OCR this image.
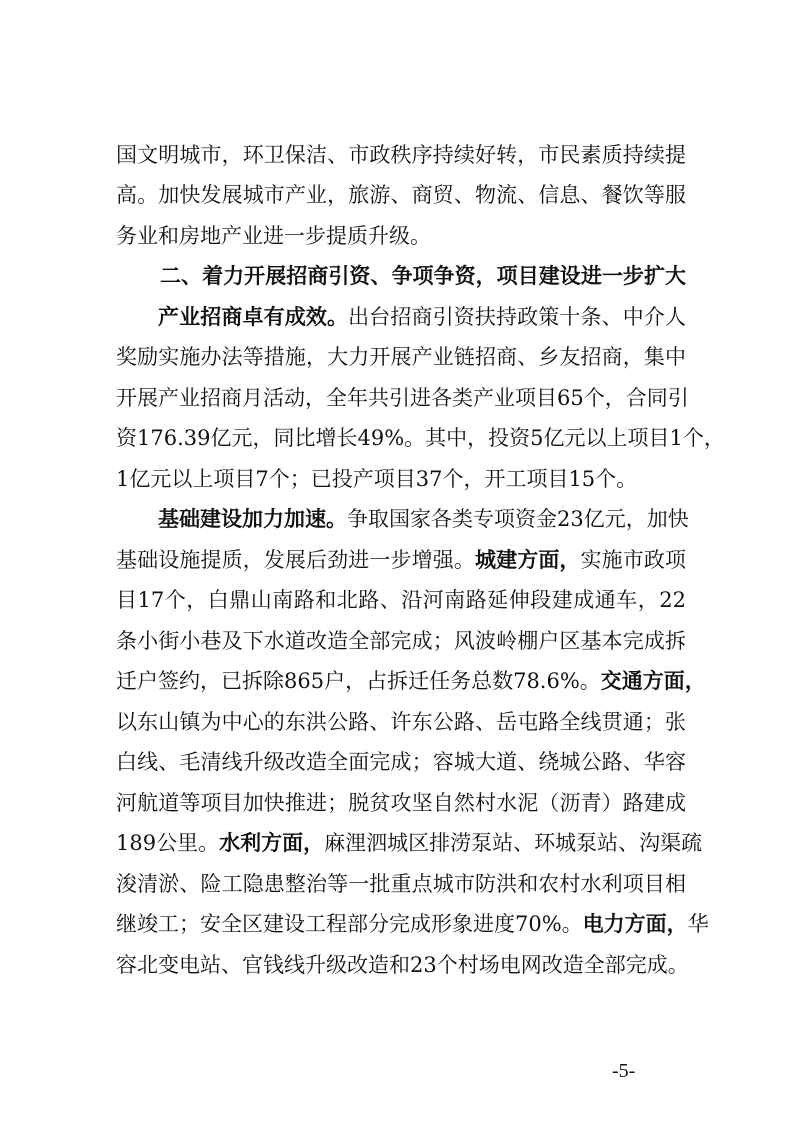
国文明城市，环卫保洁、市政秩序持续好转，市民素质持续提
高。加快发展城市产业，旅游、商贸、物流、信息、餐饮等服
务业和房地产业进一步提质升级。
二、着力开展招商引资、争项争资，项目建设进一步扩大
产业招商卓有成效。出台招商引资扶持政策十条、中介人
奖励实施办法等措施，大力开展产业链招商、乡友招商，集中
开展产业招商月活动，全年共引进各类产业项目65个，合同引
资176.39亿元，同比增长49%。其中，投资5亿元以上项目1个，
1亿元以上项目7个；已投产项目37个，开工项目15个。
基础建设加力加速。争取国家各类专项资金23亿元，加快
基础设施提质，发展后劲进一步增强。城建方面，实施市政项
目17个，白鼎山南路和北路、沿河南路延伸段建成通车，22
条小街小巷及下水道改造全部完成；风波岭棚户区基本完成拆
迁户签约，已拆除865户，占拆迁任务总数78.6%。交通方面，
以东山镇为中心的东洪公路、许东公路、岳屯路全线贯通；张
白线、毛清线升级改造全面完成；容城大道、绕城公路、华容
河航道等项目加快推进；脱贫攻坚自然村水泥（沥青）路建成
189公里。水利方面，麻浬泗城区排涝泵站、环城泵站、沟渠疏
浚清淤、险工隐患整治等一批重点城市防洪和农村水利项目相
继竣工；安全区建设工程部分完成形象进度70%。电力方面，华
容北变电站、官钱线升级改造和23个村场电网改造全部完成。
-5-
